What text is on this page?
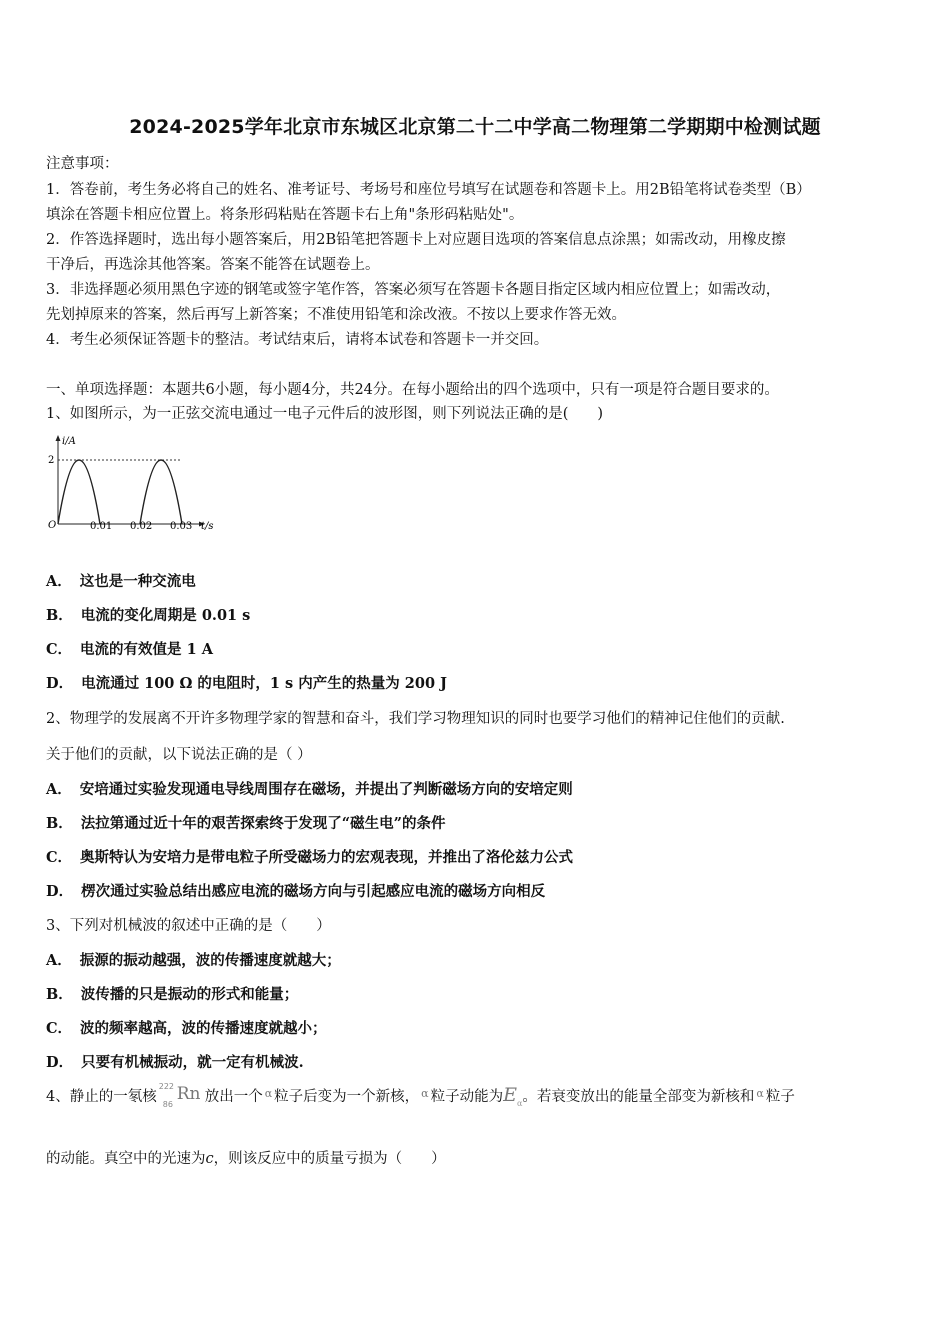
2024-2025学年北京市东城区北京第二十二中学高二物理第二学期期中检测试题
注意事项：
1．答卷前，考生务必将自己的姓名、准考证号、考场号和座位号填写在试题卷和答题卡上。用2B铅笔将试卷类型（B）
填涂在答题卡相应位置上。将条形码粘贴在答题卡右上角"条形码粘贴处"。
2．作答选择题时，选出每小题答案后，用2B铅笔把答题卡上对应题目选项的答案信息点涂黑；如需改动，用橡皮擦
干净后，再选涂其他答案。答案不能答在试题卷上。
3．非选择题必须用黑色字迹的钢笔或签字笔作答，答案必须写在答题卡各题目指定区域内相应位置上；如需改动，
先划掉原来的答案，然后再写上新答案；不准使用铅笔和涂改液。不按以上要求作答无效。
4．考生必须保证答题卡的整洁。考试结束后，请将本试卷和答题卡一并交回。
一、单项选择题：本题共6小题，每小题4分，共24分。在每小题给出的四个选项中，只有一项是符合题目要求的。
1、如图所示，为一正弦交流电通过一电子元件后的波形图，则下列说法正确的是(　　)
i/A
2
O	0.01 0.02 0.03 t/s
A． 这也是一种交流电
B． 电流的变化周期是 0.01 s
C． 电流的有效值是 1 A
D． 电流通过 100 Ω 的电阻时，1 s 内产生的热量为 200 J
2、物理学的发展离不开许多物理学家的智慧和奋斗，我们学习物理知识的同时也要学习他们的精神记住他们的贡献.
关于他们的贡献，以下说法正确的是（ ）
A． 安培通过实验发现通电导线周围存在磁场，并提出了判断磁场方向的安培定则
B． 法拉第通过近十年的艰苦探索终于发现了“磁生电”的条件
C． 奥斯特认为安培力是带电粒子所受磁场力的宏观表现，并推出了洛伦兹力公式
D． 楞次通过实验总结出感应电流的磁场方向与引起感应电流的磁场方向相反
3、下列对机械波的叙述中正确的是（　　）
A． 振源的振动越强，波的传播速度就越大；
B． 波传播的只是振动的形式和能量；
C． 波的频率越高，波的传播速度就越小；
D． 只要有机械振动，就一定有机械波.
4、静止的一氡核
222
86
Rn 放出一个 $^\alpha$ 粒子后变为一个新核， $^\alpha$ 粒子动能为$E_\alpha$。若衰变放出的能量全部变为新核和 $^\alpha$ 粒子
的动能。真空中的光速为c，则该反应中的质量亏损为（　　）
